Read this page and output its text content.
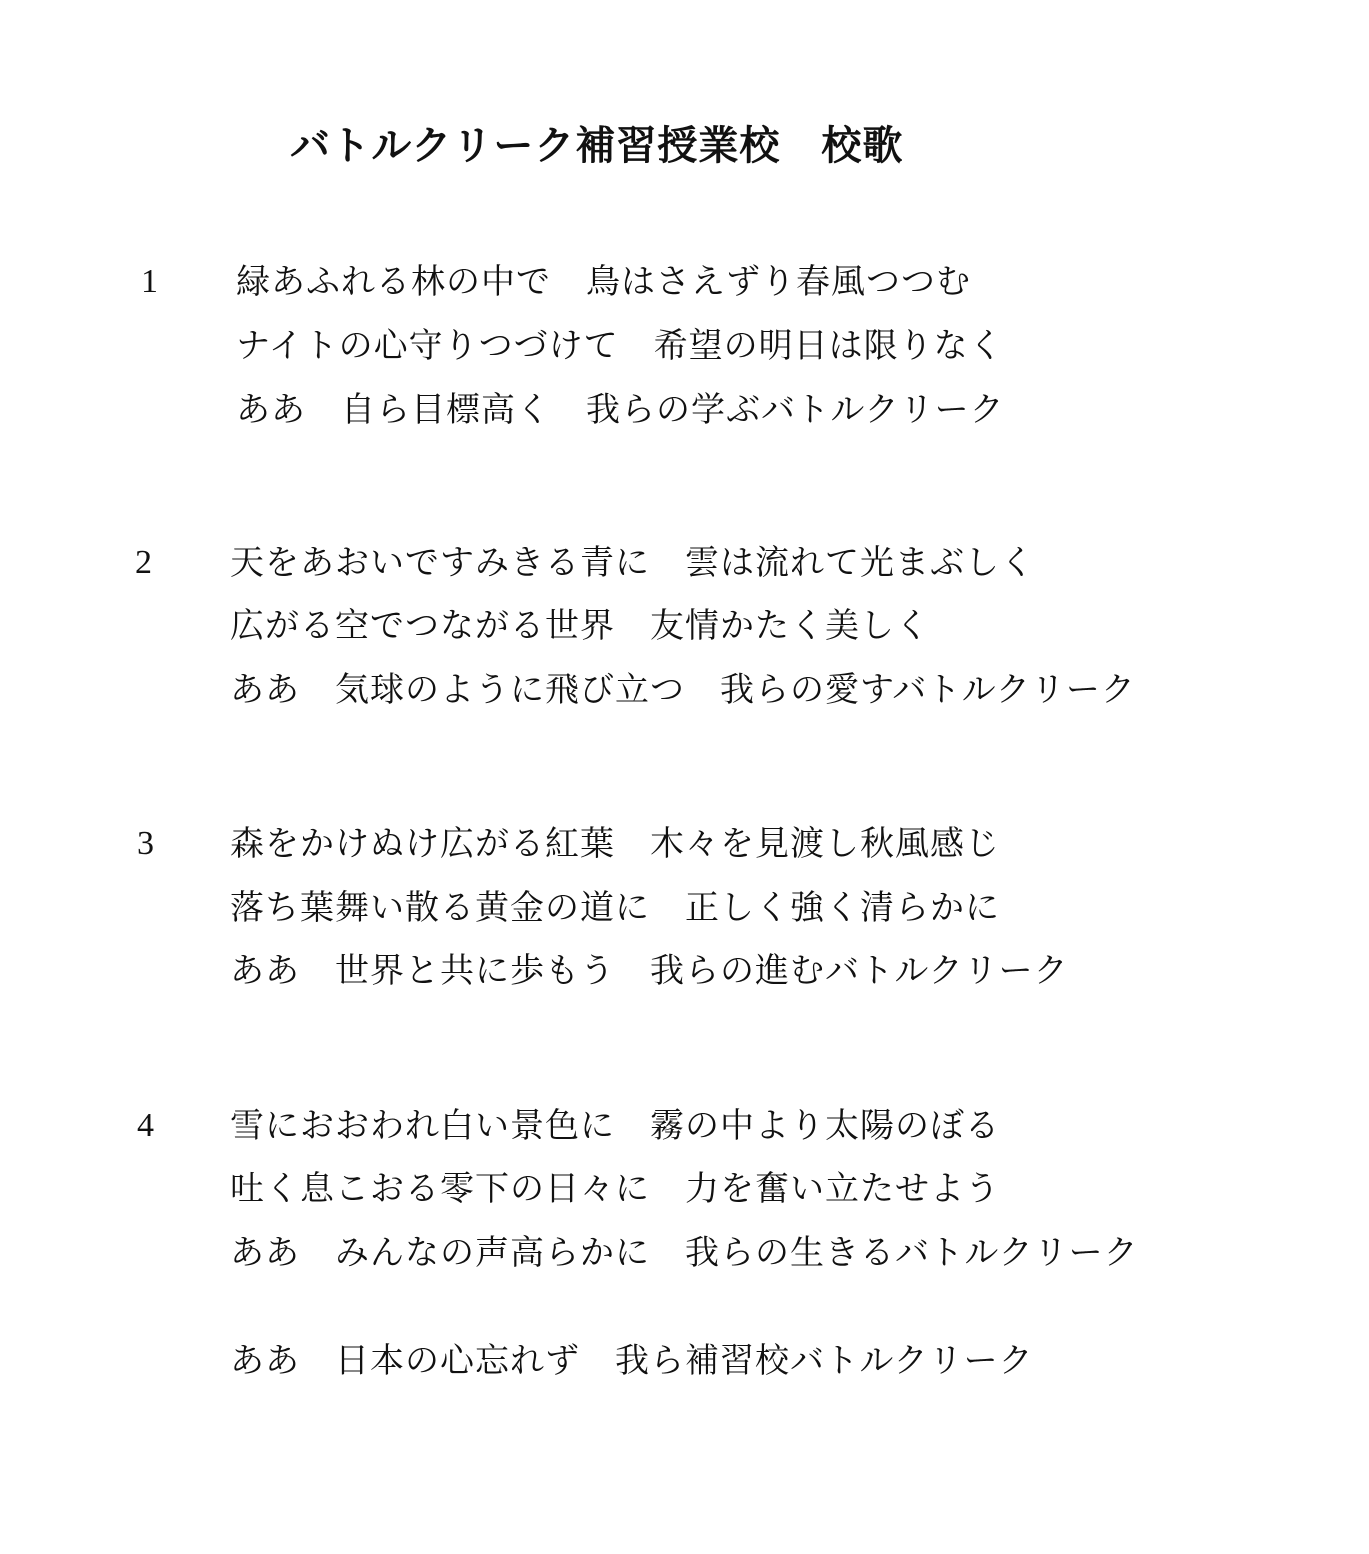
バトルクリーク補習授業校　校歌
1 緑あふれる林の中で　鳥はさえずり春風つつむ
ナイトの心守りつづけて　希望の明日は限りなく
ああ　自ら目標高く　我らの学ぶバトルクリーク
2 天をあおいですみきる青に　雲は流れて光まぶしく
広がる空でつながる世界　友情かたく美しく
ああ　気球のように飛び立つ　我らの愛すバトルクリーク
3 森をかけぬけ広がる紅葉　木々を見渡し秋風感じ
落ち葉舞い散る黄金の道に　正しく強く清らかに
ああ　世界と共に歩もう　我らの進むバトルクリーク
4 雪におおわれ白い景色に　霧の中より太陽のぼる
吐く息こおる零下の日々に　力を奮い立たせよう
ああ　みんなの声高らかに　我らの生きるバトルクリーク
ああ　日本の心忘れず　我ら補習校バトルクリーク
